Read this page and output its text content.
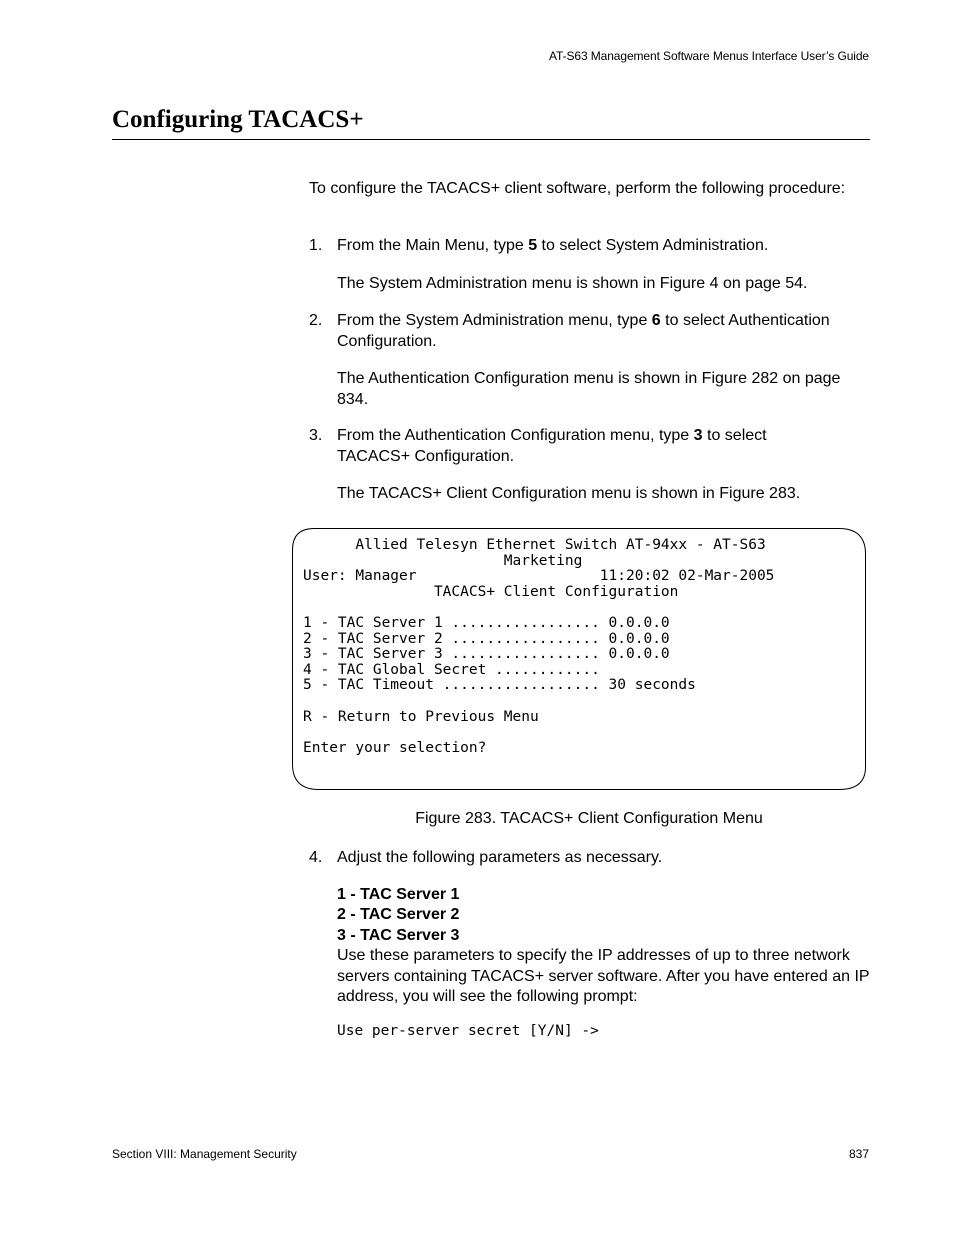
AT-S63 Management Software Menus Interface User’s Guide
Configuring TACACS+

To configure the TACACS+ client software, perform the following procedure:

1. From the Main Menu, type 5 to select System Administration.

The System Administration menu is shown in Figure 4 on page 54.

2. From the System Administration menu, type 6 to select Authentication Configuration.

The Authentication Configuration menu is shown in Figure 282 on page 834.

3. From the Authentication Configuration menu, type 3 to select TACACS+ Configuration.

The TACACS+ Client Configuration menu is shown in Figure 283.

Allied Telesyn Ethernet Switch AT-94xx - AT-S63
Marketing
User: Manager                     11:20:02 02-Mar-2005
TACACS+ Client Configuration

1 - TAC Server 1 ................. 0.0.0.0
2 - TAC Server 2 ................. 0.0.0.0
3 - TAC Server 3 ................. 0.0.0.0
4 - TAC Global Secret ............
5 - TAC Timeout .................. 30 seconds

R - Return to Previous Menu

Enter your selection?
Figure 283. TACACS+ Client Configuration Menu

4. Adjust the following parameters as necessary.

1 - TAC Server 1

2 - TAC Server 2

3 - TAC Server 3

Use these parameters to specify the IP addresses of up to three network servers containing TACACS+ server software. After you have entered an IP address, you will see the following prompt:

Use per-server secret [Y/N] ->
Section VIII: Management Security	837
